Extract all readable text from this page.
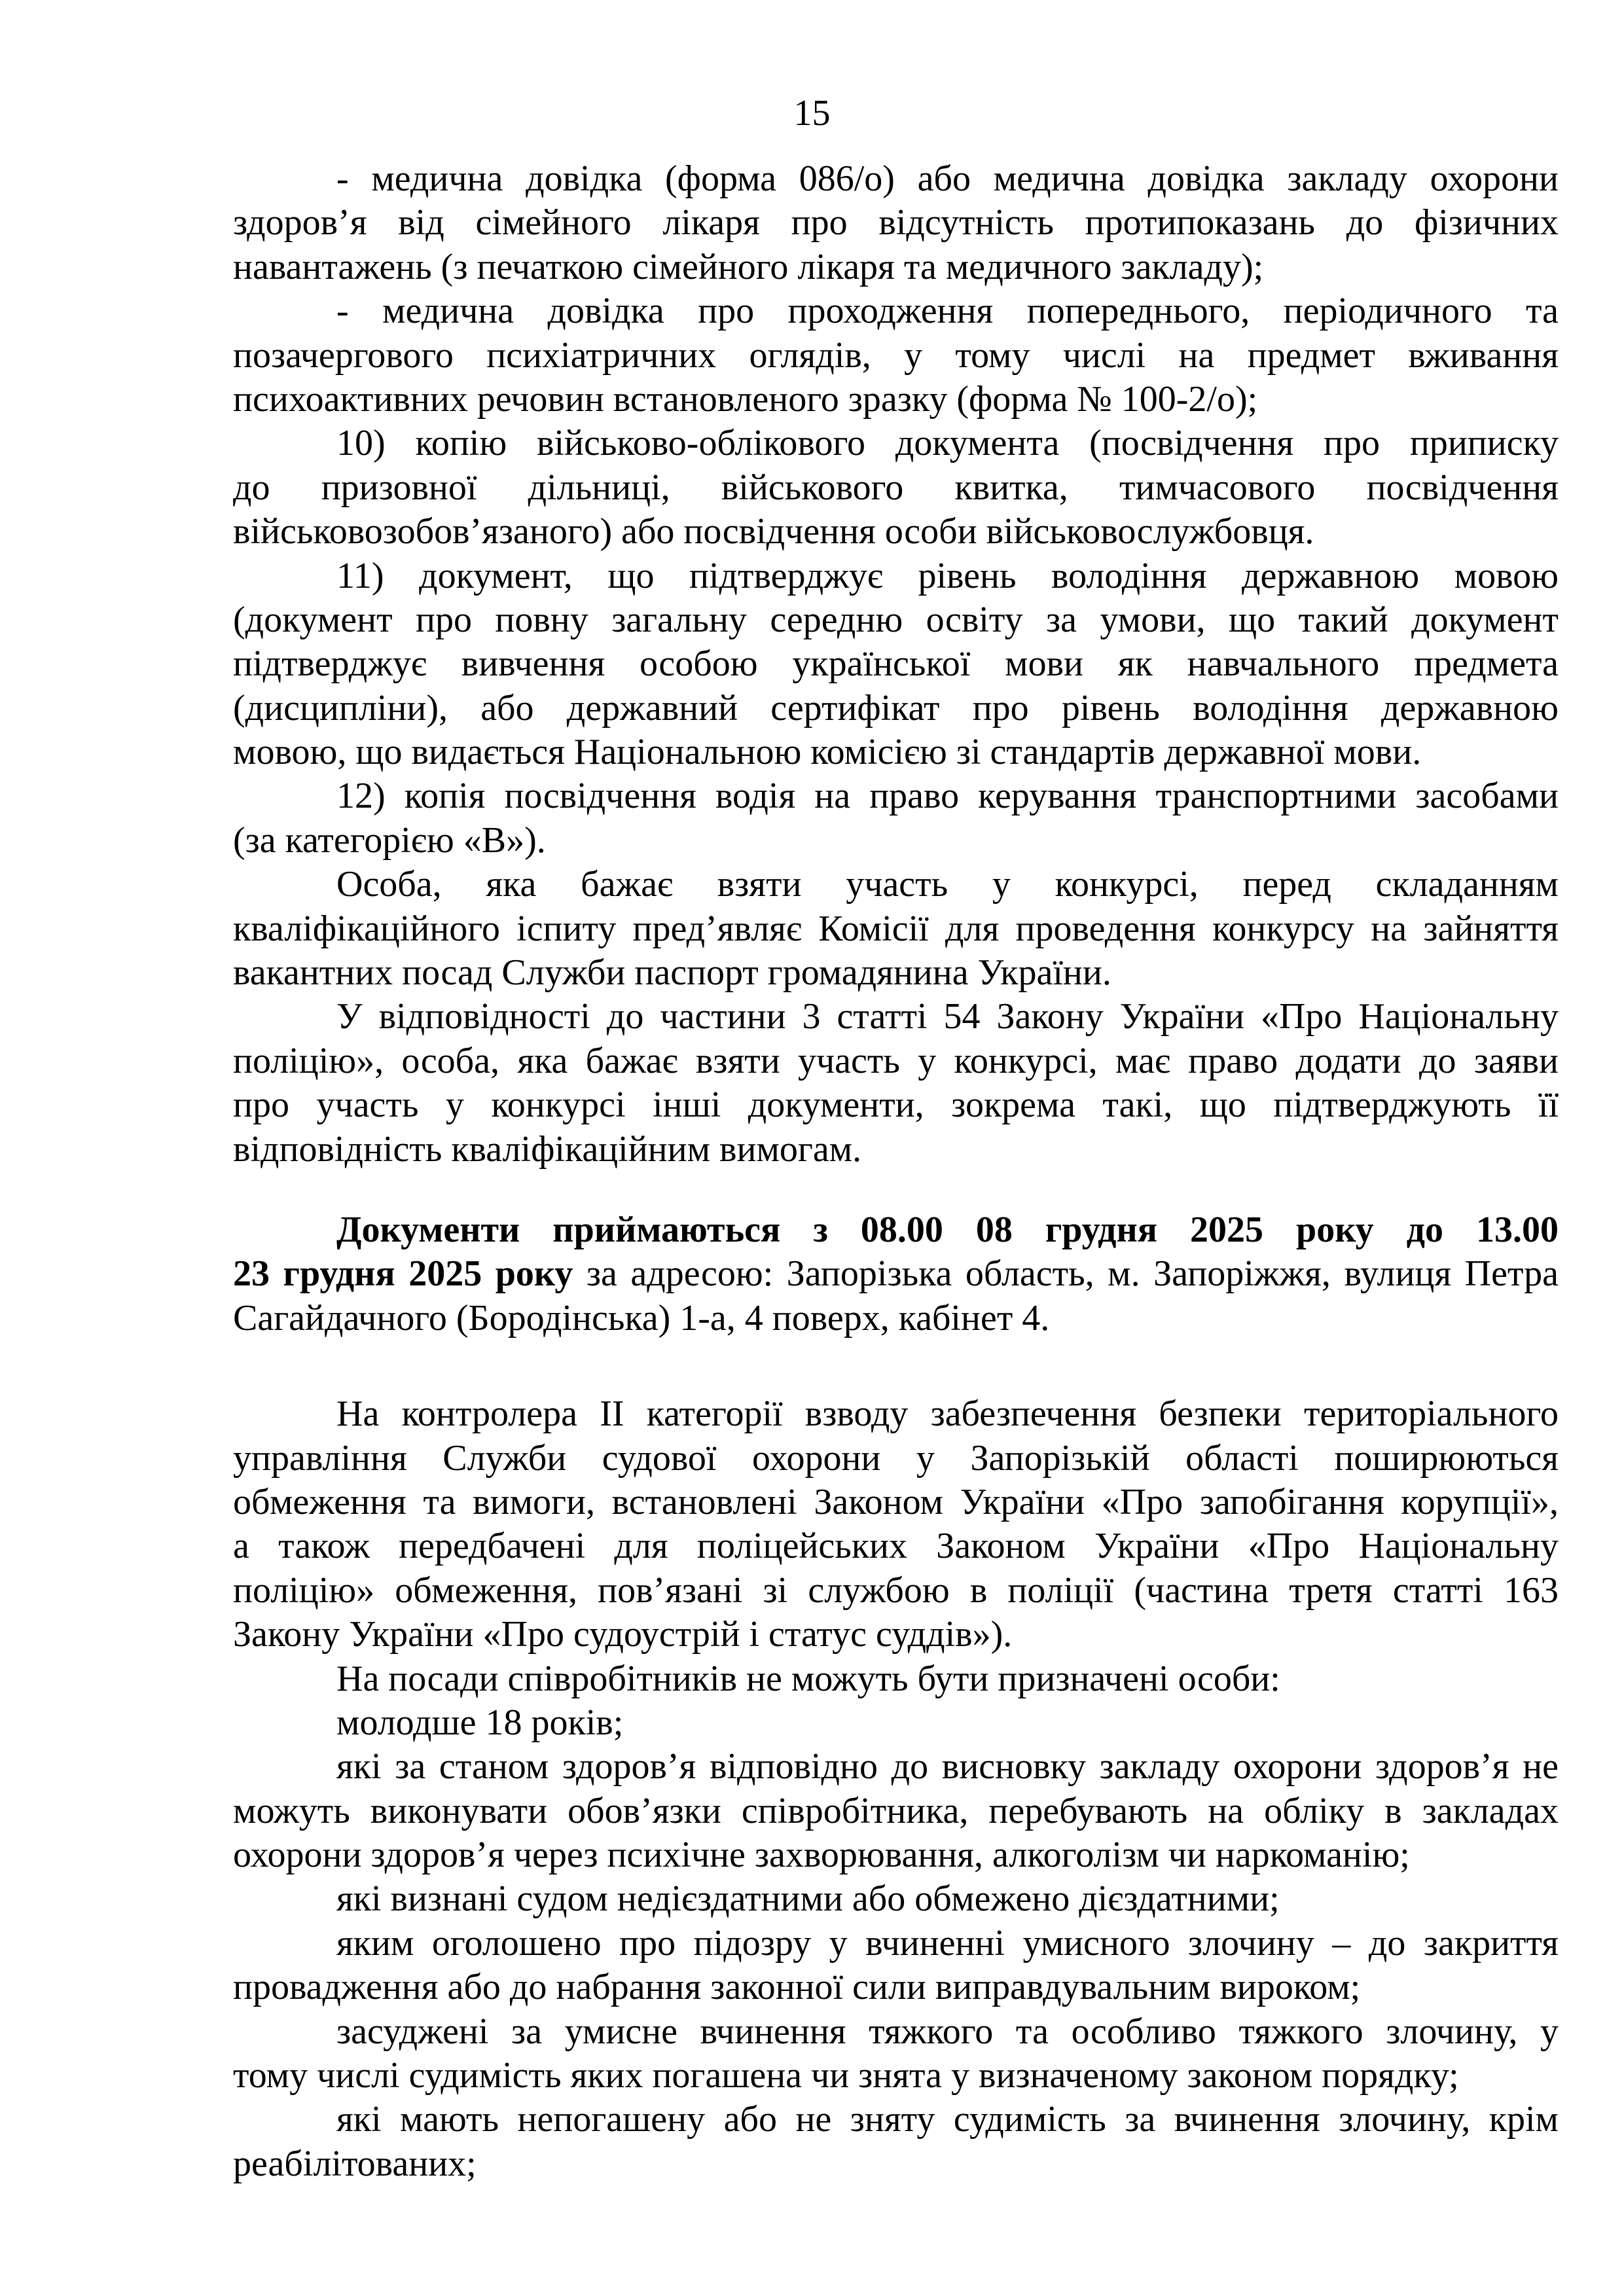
15
- медична довідка (форма 086/о) або медична довідка закладу охорони
здоров’я від сімейного лікаря про відсутність протипоказань до фізичних
навантажень (з печаткою сімейного лікаря та медичного закладу);
- медична довідка про проходження попереднього, періодичного та
позачергового психіатричних оглядів, у тому числі на предмет вживання
психоактивних речовин встановленого зразку (форма № 100-2/о);
10) копію військово-облікового документа (посвідчення про приписку
до призовної дільниці, військового квитка, тимчасового посвідчення
військовозобов’язаного) або посвідчення особи військовослужбовця.
11) документ, що підтверджує рівень володіння державною мовою
(документ про повну загальну середню освіту за умови, що такий документ
підтверджує вивчення особою української мови як навчального предмета
(дисципліни), або державний сертифікат про рівень володіння державною
мовою, що видається Національною комісією зі стандартів державної мови.
12) копія посвідчення водія на право керування транспортними засобами
(за категорією «В»).
Особа, яка бажає взяти участь у конкурсі, перед складанням
кваліфікаційного іспиту пред’являє Комісії для проведення конкурсу на зайняття
вакантних посад Служби паспорт громадянина України.
У відповідності до частини 3 статті 54 Закону України «Про Національну
поліцію», особа, яка бажає взяти участь у конкурсі, має право додати до заяви
про участь у конкурсі інші документи, зокрема такі, що підтверджують її
відповідність кваліфікаційним вимогам.
Документи приймаються з 08.00 08 грудня 2025 року до 13.00
23 грудня 2025 року за адресою: Запорізька область, м. Запоріжжя, вулиця Петра
Сагайдачного (Бородінська) 1-а, 4 поверх, кабінет 4.
На контролера ІІ категорії взводу забезпечення безпеки територіального
управління Служби судової охорони у Запорізькій області поширюються
обмеження та вимоги, встановлені Законом України «Про запобігання корупції»,
а також передбачені для поліцейських Законом України «Про Національну
поліцію» обмеження, пов’язані зі службою в поліції (частина третя статті 163
Закону України «Про судоустрій і статус суддів»).
На посади співробітників не можуть бути призначені особи:
молодше 18 років;
які за станом здоров’я відповідно до висновку закладу охорони здоров’я не
можуть виконувати обов’язки співробітника, перебувають на обліку в закладах
охорони здоров’я через психічне захворювання, алкоголізм чи наркоманію;
які визнані судом недієздатними або обмежено дієздатними;
яким оголошено про підозру у вчиненні умисного злочину – до закриття
провадження або до набрання законної сили виправдувальним вироком;
засуджені за умисне вчинення тяжкого та особливо тяжкого злочину, у
тому числі судимість яких погашена чи знята у визначеному законом порядку;
які мають непогашену або не зняту судимість за вчинення злочину, крім
реабілітованих;
